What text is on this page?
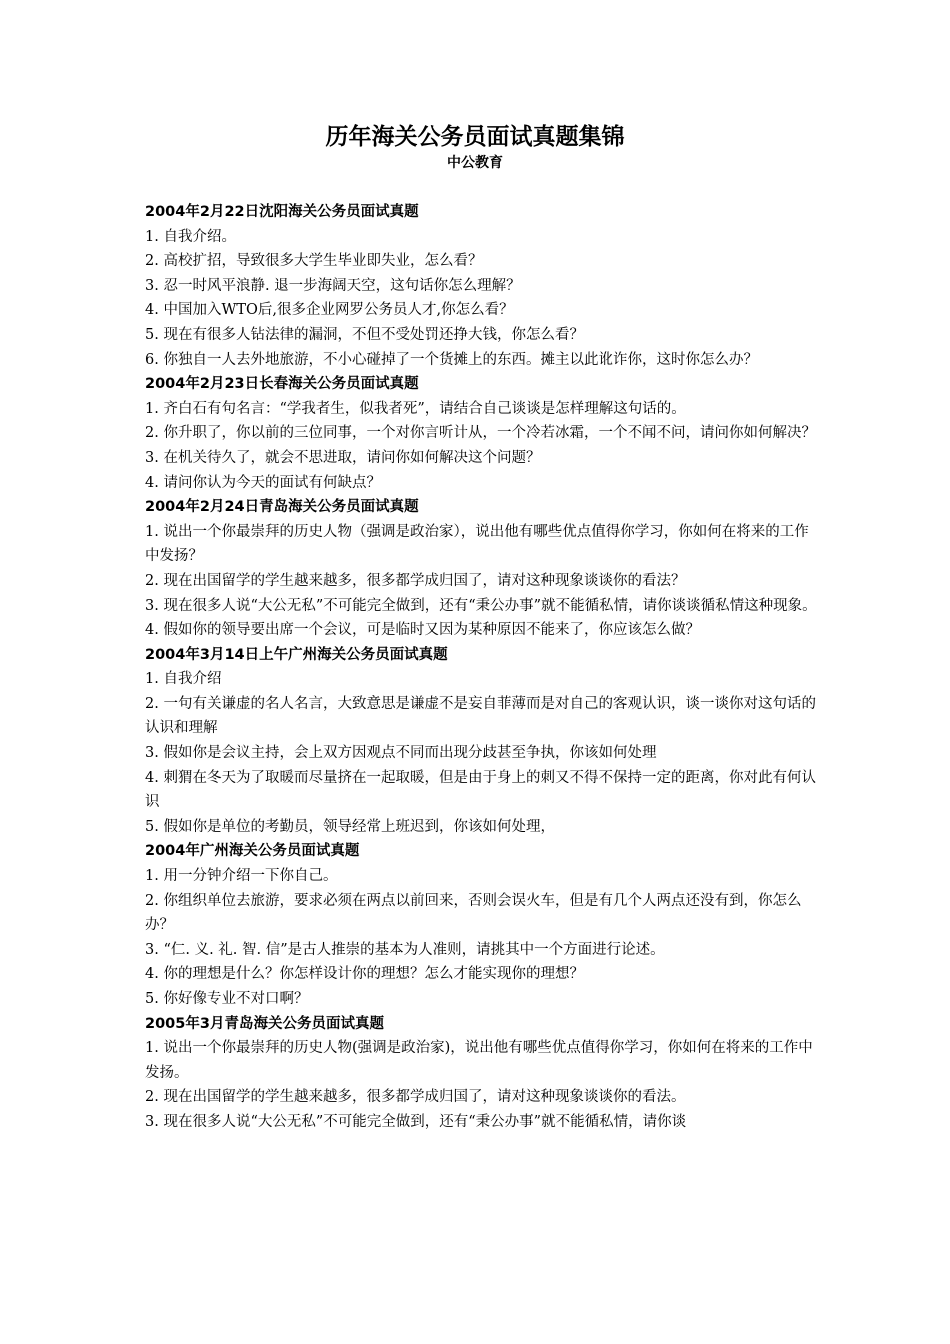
历年海关公务员面试真题集锦
中公教育

2004年2月22日沈阳海关公务员面试真题

1. 自我介绍。

2. 高校扩招，导致很多大学生毕业即失业，怎么看？

3. 忍一时风平浪静. 退一步海阔天空，这句话你怎么理解？

4. 中国加入WTO后,很多企业网罗公务员人才,你怎么看？

5. 现在有很多人钻法律的漏洞，不但不受处罚还挣大钱，你怎么看？

6. 你独自一人去外地旅游，不小心碰掉了一个货摊上的东西。摊主以此讹诈你，这时你怎么办？

2004年2月23日长春海关公务员面试真题

1. 齐白石有句名言：“学我者生，似我者死”，请结合自己谈谈是怎样理解这句话的。

2. 你升职了，你以前的三位同事，一个对你言听计从，一个冷若冰霜，一个不闻不问，请问你如何解决？

3. 在机关待久了，就会不思进取，请问你如何解决这个问题？

4. 请问你认为今天的面试有何缺点？

2004年2月24日青岛海关公务员面试真题

1. 说出一个你最崇拜的历史人物（强调是政治家），说出他有哪些优点值得你学习，你如何在将来的工作中发扬？

2. 现在出国留学的学生越来越多，很多都学成归国了，请对这种现象谈谈你的看法？

3. 现在很多人说“大公无私”不可能完全做到，还有“秉公办事”就不能循私情，请你谈谈循私情这种现象。

4. 假如你的领导要出席一个会议，可是临时又因为某种原因不能来了，你应该怎么做？

2004年3月14日上午广州海关公务员面试真题

1. 自我介绍

2. 一句有关谦虚的名人名言，大致意思是谦虚不是妄自菲薄而是对自己的客观认识，谈一谈你对这句话的认识和理解

3. 假如你是会议主持，会上双方因观点不同而出现分歧甚至争执，你该如何处理

4. 刺猬在冬天为了取暖而尽量挤在一起取暖，但是由于身上的刺又不得不保持一定的距离，你对此有何认识

5. 假如你是单位的考勤员，领导经常上班迟到，你该如何处理，

2004年广州海关公务员面试真题

1. 用一分钟介绍一下你自己。

2. 你组织单位去旅游，要求必须在两点以前回来，否则会误火车，但是有几个人两点还没有到，你怎么办？

3. “仁. 义. 礼. 智. 信”是古人推崇的基本为人准则，请挑其中一个方面进行论述。

4. 你的理想是什么？你怎样设计你的理想？怎么才能实现你的理想？

5. 你好像专业不对口啊？

2005年3月青岛海关公务员面试真题

1. 说出一个你最崇拜的历史人物(强调是政治家)，说出他有哪些优点值得你学习，你如何在将来的工作中发扬。

2. 现在出国留学的学生越来越多，很多都学成归国了，请对这种现象谈谈你的看法。

3. 现在很多人说“大公无私”不可能完全做到，还有“秉公办事”就不能循私情，请你谈
